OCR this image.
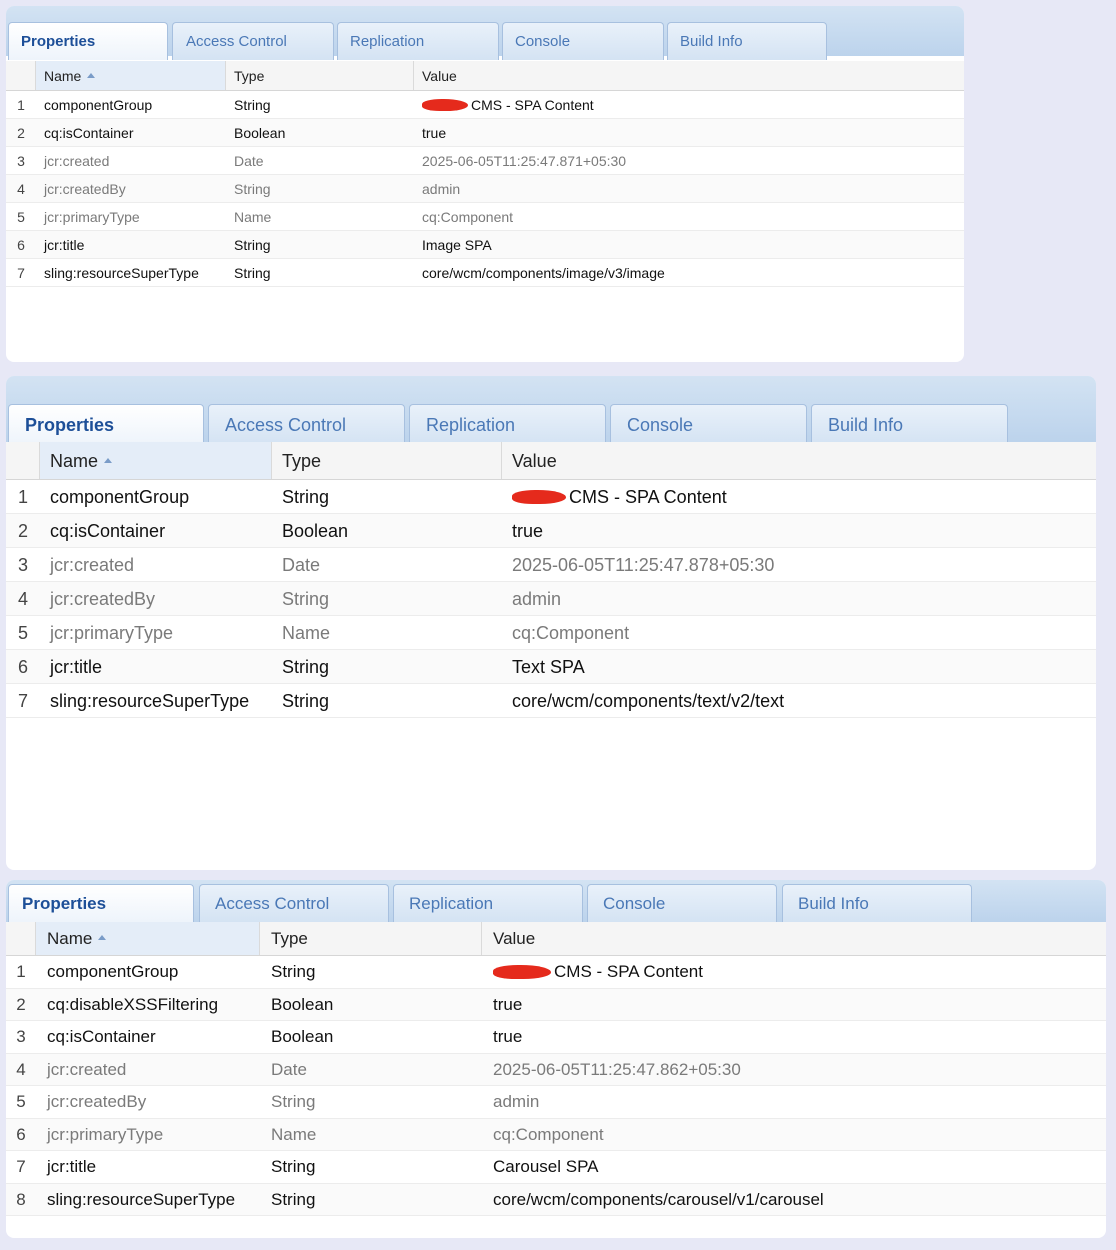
Properties	Access Control	Replication	Console	Build Info
Name	Type	Value
1	componentGroup	String	CMS - SPA Content
2	cq:isContainer	Boolean	true
3	jcr:created	Date	2025-06-05T11:25:47.871+05:30
4	jcr:createdBy	String	admin
5	jcr:primaryType	Name	cq:Component
6	jcr:title	String	Image SPA
7	sling:resourceSuperType	String	core/wcm/components/image/v3/image
Properties	Access Control	Replication	Console	Build Info
Name	Type	Value
1	componentGroup	String	CMS - SPA Content
2	cq:isContainer	Boolean	true
3	jcr:created	Date	2025-06-05T11:25:47.878+05:30
4	jcr:createdBy	String	admin
5	jcr:primaryType	Name	cq:Component
6	jcr:title	String	Text SPA
7	sling:resourceSuperType	String	core/wcm/components/text/v2/text
Properties	Access Control	Replication	Console	Build Info
Name	Type	Value
1	componentGroup	String	CMS - SPA Content
2	cq:disableXSSFiltering	Boolean	true
3	cq:isContainer	Boolean	true
4	jcr:created	Date	2025-06-05T11:25:47.862+05:30
5	jcr:createdBy	String	admin
6	jcr:primaryType	Name	cq:Component
7	jcr:title	String	Carousel SPA
8	sling:resourceSuperType	String	core/wcm/components/carousel/v1/carousel
